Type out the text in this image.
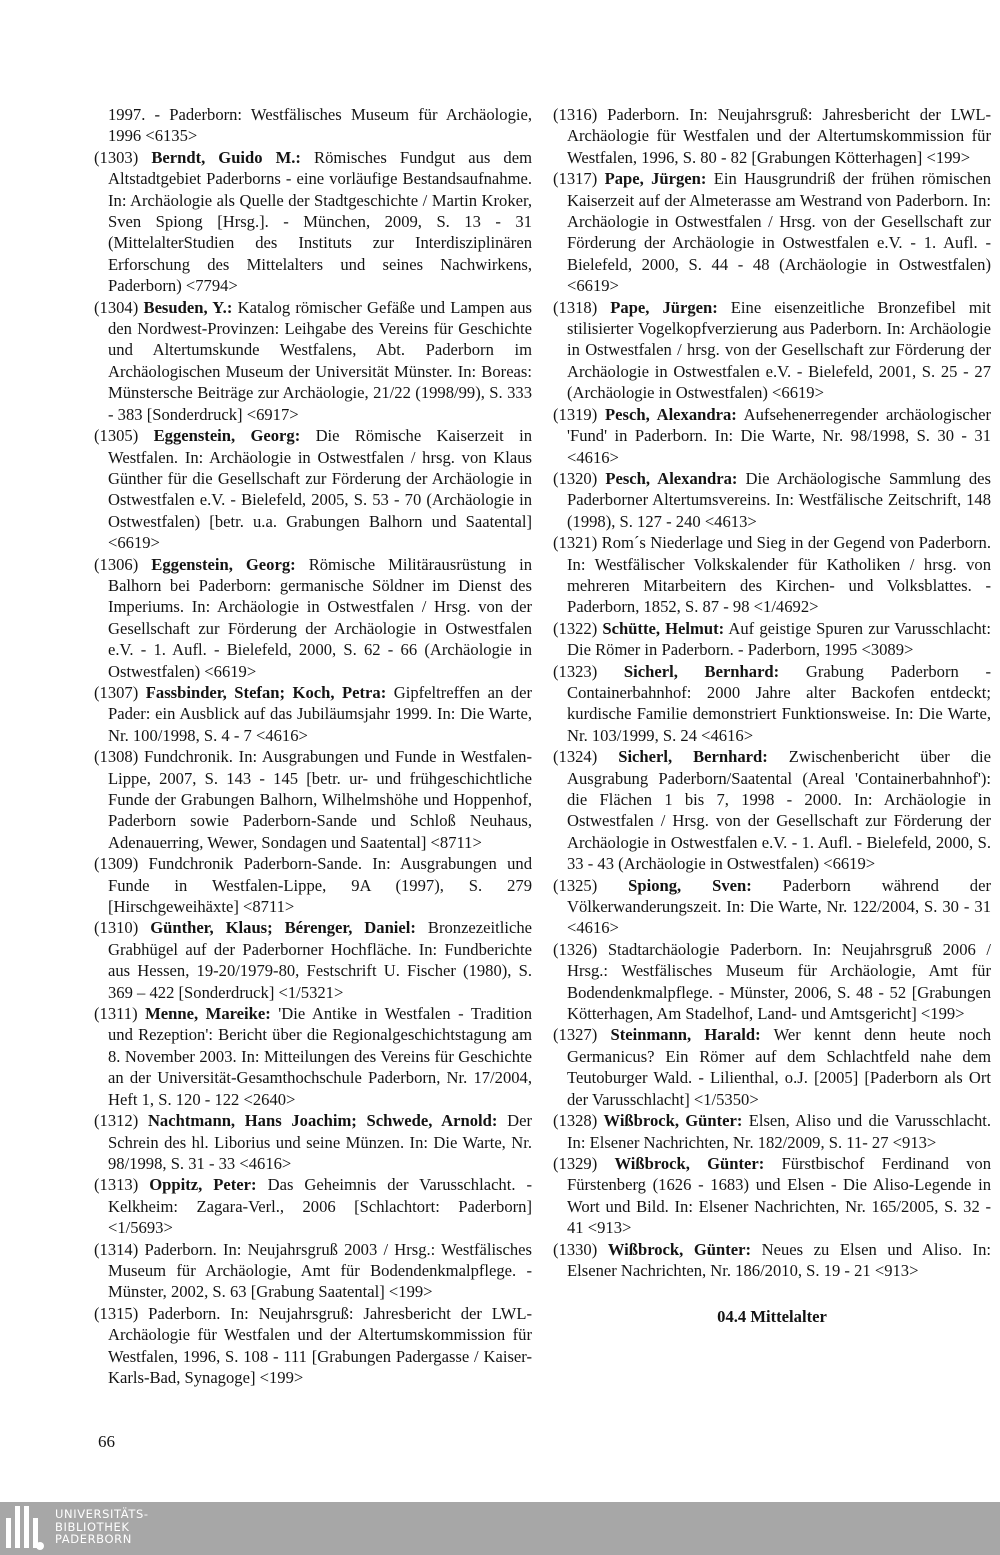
1997. - Paderborn: Westfälisches Museum für Archäologie, 1996 <6135>
(1303) Berndt, Guido M.: Römisches Fundgut aus dem Altstadtgebiet Paderborns - eine vorläufige Bestandsaufnahme. In: Archäologie als Quelle der Stadtgeschichte / Martin Kroker, Sven Spiong [Hrsg.]. - München, 2009, S. 13 - 31 (MittelalterStudien des Instituts zur Interdisziplinären Erforschung des Mittelalters und seines Nachwirkens, Paderborn) <7794>
(1304) Besuden, Y.: Katalog römischer Gefäße und Lampen aus den Nordwest-Provinzen: Leihgabe des Vereins für Geschichte und Altertumskunde Westfalens, Abt. Paderborn im Archäologischen Museum der Universität Münster. In: Boreas: Münstersche Beiträge zur Archäologie, 21/22 (1998/99), S. 333 - 383 [Sonderdruck] <6917>
(1305) Eggenstein, Georg: Die Römische Kaiserzeit in Westfalen. In: Archäologie in Ostwestfalen / hrsg. von Klaus Günther für die Gesellschaft zur Förderung der Archäologie in Ostwestfalen e.V. - Bielefeld, 2005, S. 53 - 70 (Archäologie in Ostwestfalen) [betr. u.a. Grabungen Balhorn und Saatental] <6619>
(1306) Eggenstein, Georg: Römische Militärausrüstung in Balhorn bei Paderborn: germanische Söldner im Dienst des Imperiums. In: Archäologie in Ostwestfalen / Hrsg. von der Gesellschaft zur Förderung der Archäologie in Ostwestfalen e.V. - 1. Aufl. - Bielefeld, 2000, S. 62 - 66 (Archäologie in Ostwestfalen) <6619>
(1307) Fassbinder, Stefan; Koch, Petra: Gipfeltreffen an der Pader: ein Ausblick auf das Jubiläumsjahr 1999. In: Die Warte, Nr. 100/1998, S. 4 - 7 <4616>
(1308) Fundchronik. In: Ausgrabungen und Funde in Westfalen-Lippe, 2007, S. 143 - 145 [betr. ur- und frühgeschichtliche Funde der Grabungen Balhorn, Wilhelmshöhe und Hoppenhof, Paderborn sowie Paderborn-Sande und Schloß Neuhaus, Adenauerring, Wewer, Sondagen und Saatental] <8711>
(1309) Fundchronik Paderborn-Sande. In: Ausgrabungen und Funde in Westfalen-Lippe, 9A (1997), S. 279 [Hirschgeweihäxte] <8711>
(1310) Günther, Klaus; Bérenger, Daniel: Bronzezeitliche Grabhügel auf der Paderborner Hochfläche. In: Fundberichte aus Hessen, 19-20/1979-80, Festschrift U. Fischer (1980), S. 369 – 422 [Sonderdruck] <1/5321>
(1311) Menne, Mareike: 'Die Antike in Westfalen - Tradition und Rezeption': Bericht über die Regionalgeschichtstagung am 8. November 2003. In: Mitteilungen des Vereins für Geschichte an der Universität-Gesamthochschule Paderborn, Nr. 17/2004, Heft 1, S. 120 - 122 <2640>
(1312) Nachtmann, Hans Joachim; Schwede, Arnold: Der Schrein des hl. Liborius und seine Münzen. In: Die Warte, Nr. 98/1998, S. 31 - 33 <4616>
(1313) Oppitz, Peter: Das Geheimnis der Varusschlacht. - Kelkheim: Zagara-Verl., 2006 [Schlachtort: Paderborn] <1/5693>
(1314) Paderborn. In: Neujahrsgruß 2003 / Hrsg.: Westfälisches Museum für Archäologie, Amt für Bodendenkmalpflege. - Münster, 2002, S. 63 [Grabung Saatental] <199>
(1315) Paderborn. In: Neujahrsgruß: Jahresbericht der LWL-Archäologie für Westfalen und der Altertumskommission für Westfalen, 1996, S. 108 - 111 [Grabungen Padergasse / Kaiser-Karls-Bad, Synagoge] <199>
(1316) Paderborn. In: Neujahrsgruß: Jahresbericht der LWL-Archäologie für Westfalen und der Altertumskommission für Westfalen, 1996, S. 80 - 82 [Grabungen Kötterhagen] <199>
(1317) Pape, Jürgen: Ein Hausgrundriß der frühen römischen Kaiserzeit auf der Almeterasse am Westrand von Paderborn. In: Archäologie in Ostwestfalen / Hrsg. von der Gesellschaft zur Förderung der Archäologie in Ostwestfalen e.V. - 1. Aufl. - Bielefeld, 2000, S. 44 - 48 (Archäologie in Ostwestfalen) <6619>
(1318) Pape, Jürgen: Eine eisenzeitliche Bronzefibel mit stilisierter Vogelkopfverzierung aus Paderborn. In: Archäologie in Ostwestfalen / hrsg. von der Gesellschaft zur Förderung der Archäologie in Ostwestfalen e.V. - Bielefeld, 2001, S. 25 - 27 (Archäologie in Ostwestfalen) <6619>
(1319) Pesch, Alexandra: Aufsehenerregender archäologischer 'Fund' in Paderborn. In: Die Warte, Nr. 98/1998, S. 30 - 31 <4616>
(1320) Pesch, Alexandra: Die Archäologische Sammlung des Paderborner Altertumsvereins. In: Westfälische Zeitschrift, 148 (1998), S. 127 - 240 <4613>
(1321) Rom´s Niederlage und Sieg in der Gegend von Paderborn. In: Westfälischer Volkskalender für Katholiken / hrsg. von mehreren Mitarbeitern des Kirchen- und Volksblattes. - Paderborn, 1852, S. 87 - 98 <1/4692>
(1322) Schütte, Helmut: Auf geistige Spuren zur Varusschlacht: Die Römer in Paderborn. - Paderborn, 1995 <3089>
(1323) Sicherl, Bernhard: Grabung Paderborn - Containerbahnhof: 2000 Jahre alter Backofen entdeckt; kurdische Familie demonstriert Funktionsweise. In: Die Warte, Nr. 103/1999, S. 24 <4616>
(1324) Sicherl, Bernhard: Zwischenbericht über die Ausgrabung Paderborn/Saatental (Areal 'Containerbahnhof'): die Flächen 1 bis 7, 1998 - 2000. In: Archäologie in Ostwestfalen / Hrsg. von der Gesellschaft zur Förderung der Archäologie in Ostwestfalen e.V. - 1. Aufl. - Bielefeld, 2000, S. 33 - 43 (Archäologie in Ostwestfalen) <6619>
(1325) Spiong, Sven: Paderborn während der Völkerwanderungszeit. In: Die Warte, Nr. 122/2004, S. 30 - 31 <4616>
(1326) Stadtarchäologie Paderborn. In: Neujahrsgruß 2006 / Hrsg.: Westfälisches Museum für Archäologie, Amt für Bodendenkmalpflege. - Münster, 2006, S. 48 - 52 [Grabungen Kötterhagen, Am Stadelhof, Land- und Amtsgericht] <199>
(1327) Steinmann, Harald: Wer kennt denn heute noch Germanicus? Ein Römer auf dem Schlachtfeld nahe dem Teutoburger Wald. - Lilienthal, o.J. [2005] [Paderborn als Ort der Varusschlacht] <1/5350>
(1328) Wißbrock, Günter: Elsen, Aliso und die Varusschlacht. In: Elsener Nachrichten, Nr. 182/2009, S. 11- 27 <913>
(1329) Wißbrock, Günter: Fürstbischof Ferdinand von Fürstenberg (1626 - 1683) und Elsen - Die Aliso-Legende in Wort und Bild. In: Elsener Nachrichten, Nr. 165/2005, S. 32 - 41 <913>
(1330) Wißbrock, Günter: Neues zu Elsen und Aliso. In: Elsener Nachrichten, Nr. 186/2010, S. 19 - 21 <913>
04.4 Mittelalter
66
UNIVERSITÄTS-
BIBLIOTHEK
PADERBORN
